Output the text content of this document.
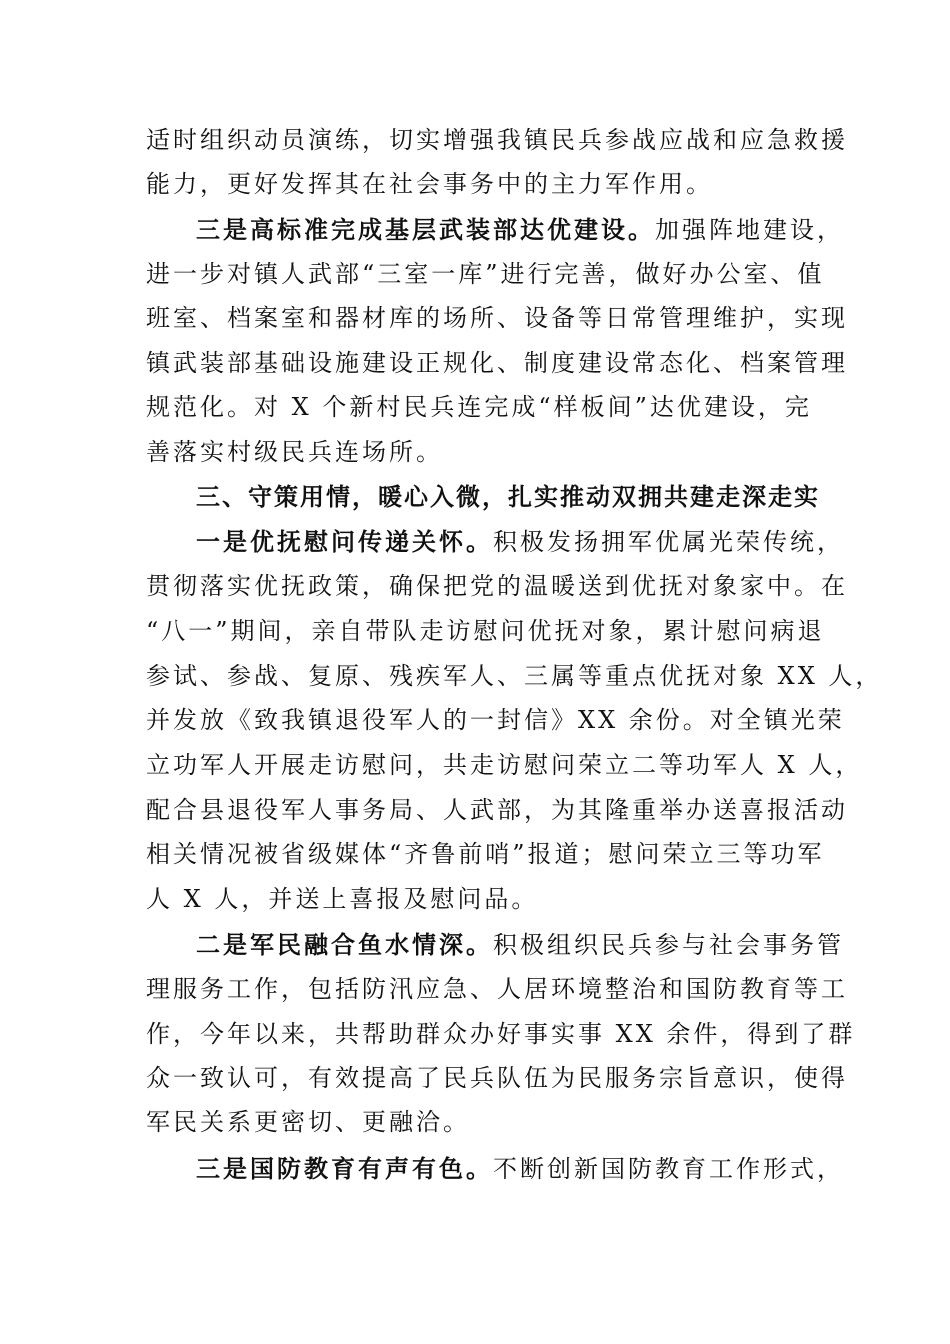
适时组织动员演练，切实增强我镇民兵参战应战和应急救援
能力，更好发挥其在社会事务中的主力军作用。
三是高标准完成基层武装部达优建设。加强阵地建设，
进一步对镇人武部“三室一库”进行完善，做好办公室、值
班室、档案室和器材库的场所、设备等日常管理维护，实现
镇武装部基础设施建设正规化、制度建设常态化、档案管理
规范化。对 X 个新村民兵连完成“样板间”达优建设，完
善落实村级民兵连场所。
三、守策用情，暖心入微，扎实推动双拥共建走深走实
一是优抚慰问传递关怀。积极发扬拥军优属光荣传统，
贯彻落实优抚政策，确保把党的温暖送到优抚对象家中。在
“八一”期间，亲自带队走访慰问优抚对象，累计慰问病退
参试、参战、复原、残疾军人、三属等重点优抚对象 XX 人，
并发放《致我镇退役军人的一封信》XX 余份。对全镇光荣
立功军人开展走访慰问，共走访慰问荣立二等功军人 X 人，
配合县退役军人事务局、人武部，为其隆重举办送喜报活动
相关情况被省级媒体“齐鲁前哨”报道；慰问荣立三等功军
人 X 人，并送上喜报及慰问品。
二是军民融合鱼水情深。积极组织民兵参与社会事务管
理服务工作，包括防汛应急、人居环境整治和国防教育等工
作，今年以来，共帮助群众办好事实事 XX 余件，得到了群
众一致认可，有效提高了民兵队伍为民服务宗旨意识，使得
军民关系更密切、更融洽。
三是国防教育有声有色。不断创新国防教育工作形式，
